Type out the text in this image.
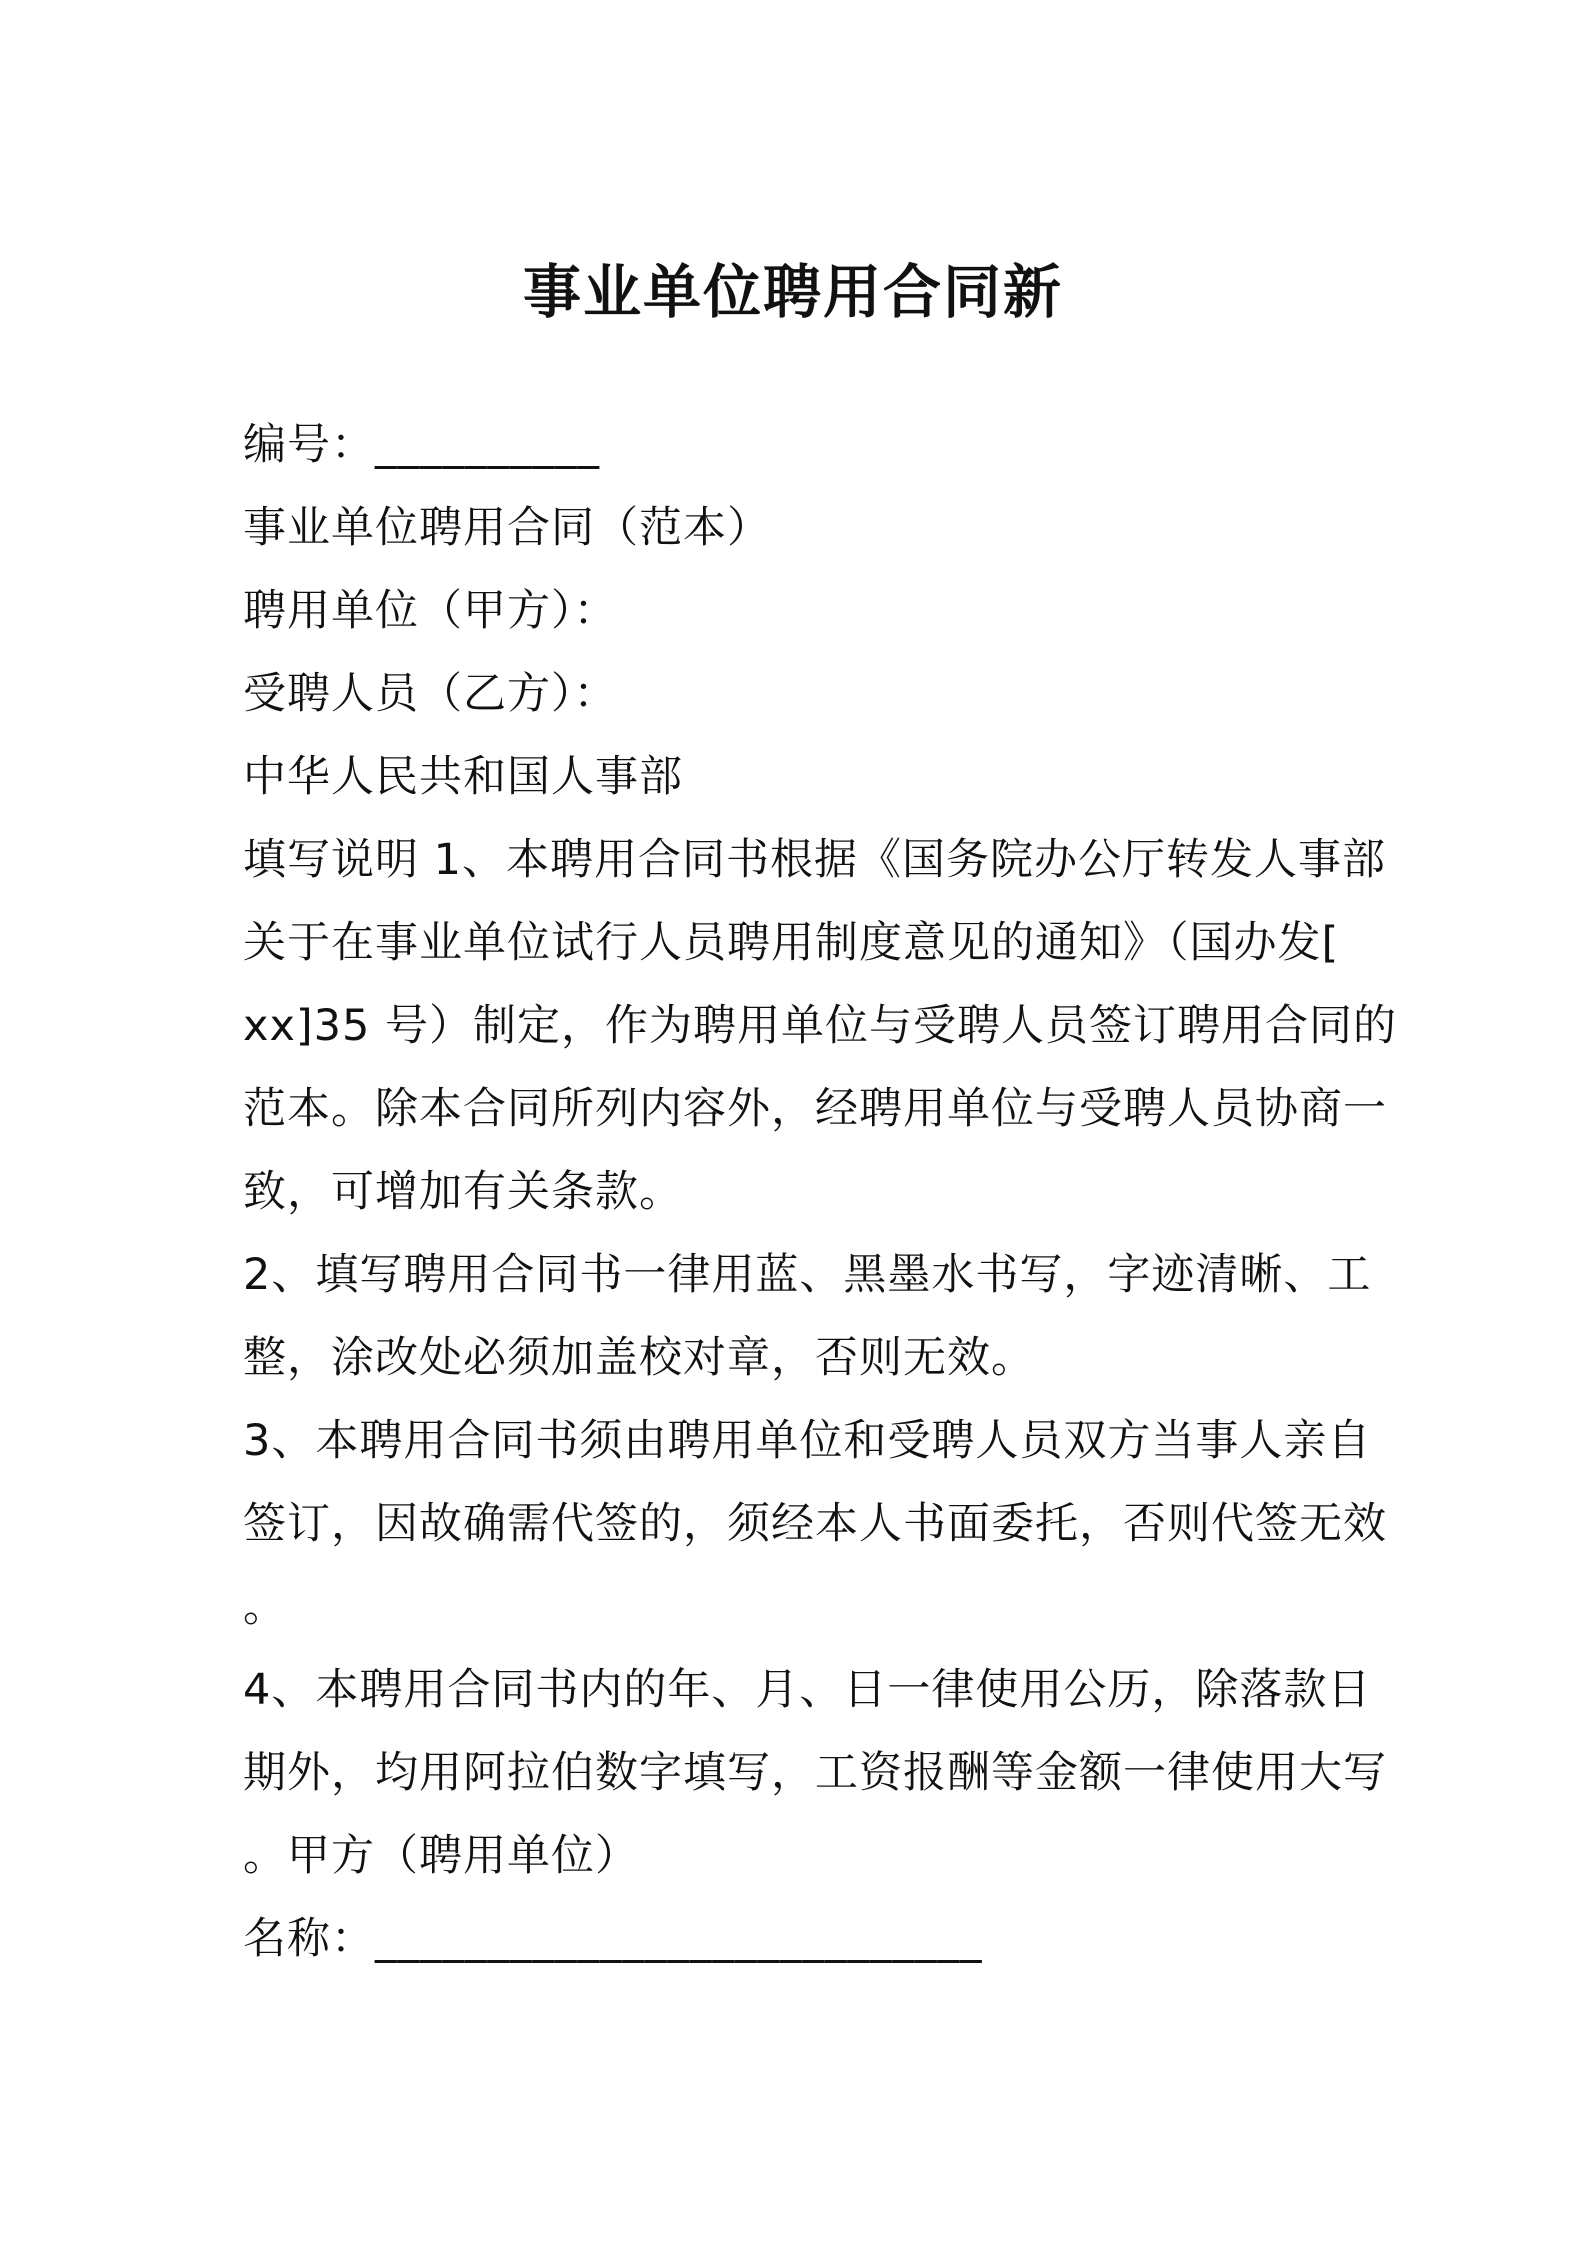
事业单位聘用合同新
编号：__________
事业单位聘用合同（范本）
聘用单位（甲方）：
受聘人员（乙方）：
中华人民共和国人事部
填写说明 1、本聘用合同书根据《国务院办公厅转发人事部
关于在事业单位试行人员聘用制度意见的通知》（国办发[
xx]35 号）制定，作为聘用单位与受聘人员签订聘用合同的
范本。除本合同所列内容外，经聘用单位与受聘人员协商一
致，可增加有关条款。
2、填写聘用合同书一律用蓝、黑墨水书写，字迹清晰、工
整，涂改处必须加盖校对章，否则无效。
3、本聘用合同书须由聘用单位和受聘人员双方当事人亲自
签订，因故确需代签的，须经本人书面委托，否则代签无效
。
4、本聘用合同书内的年、月、日一律使用公历，除落款日
期外，均用阿拉伯数字填写，工资报酬等金额一律使用大写
。甲方（聘用单位）
名称：___________________________
